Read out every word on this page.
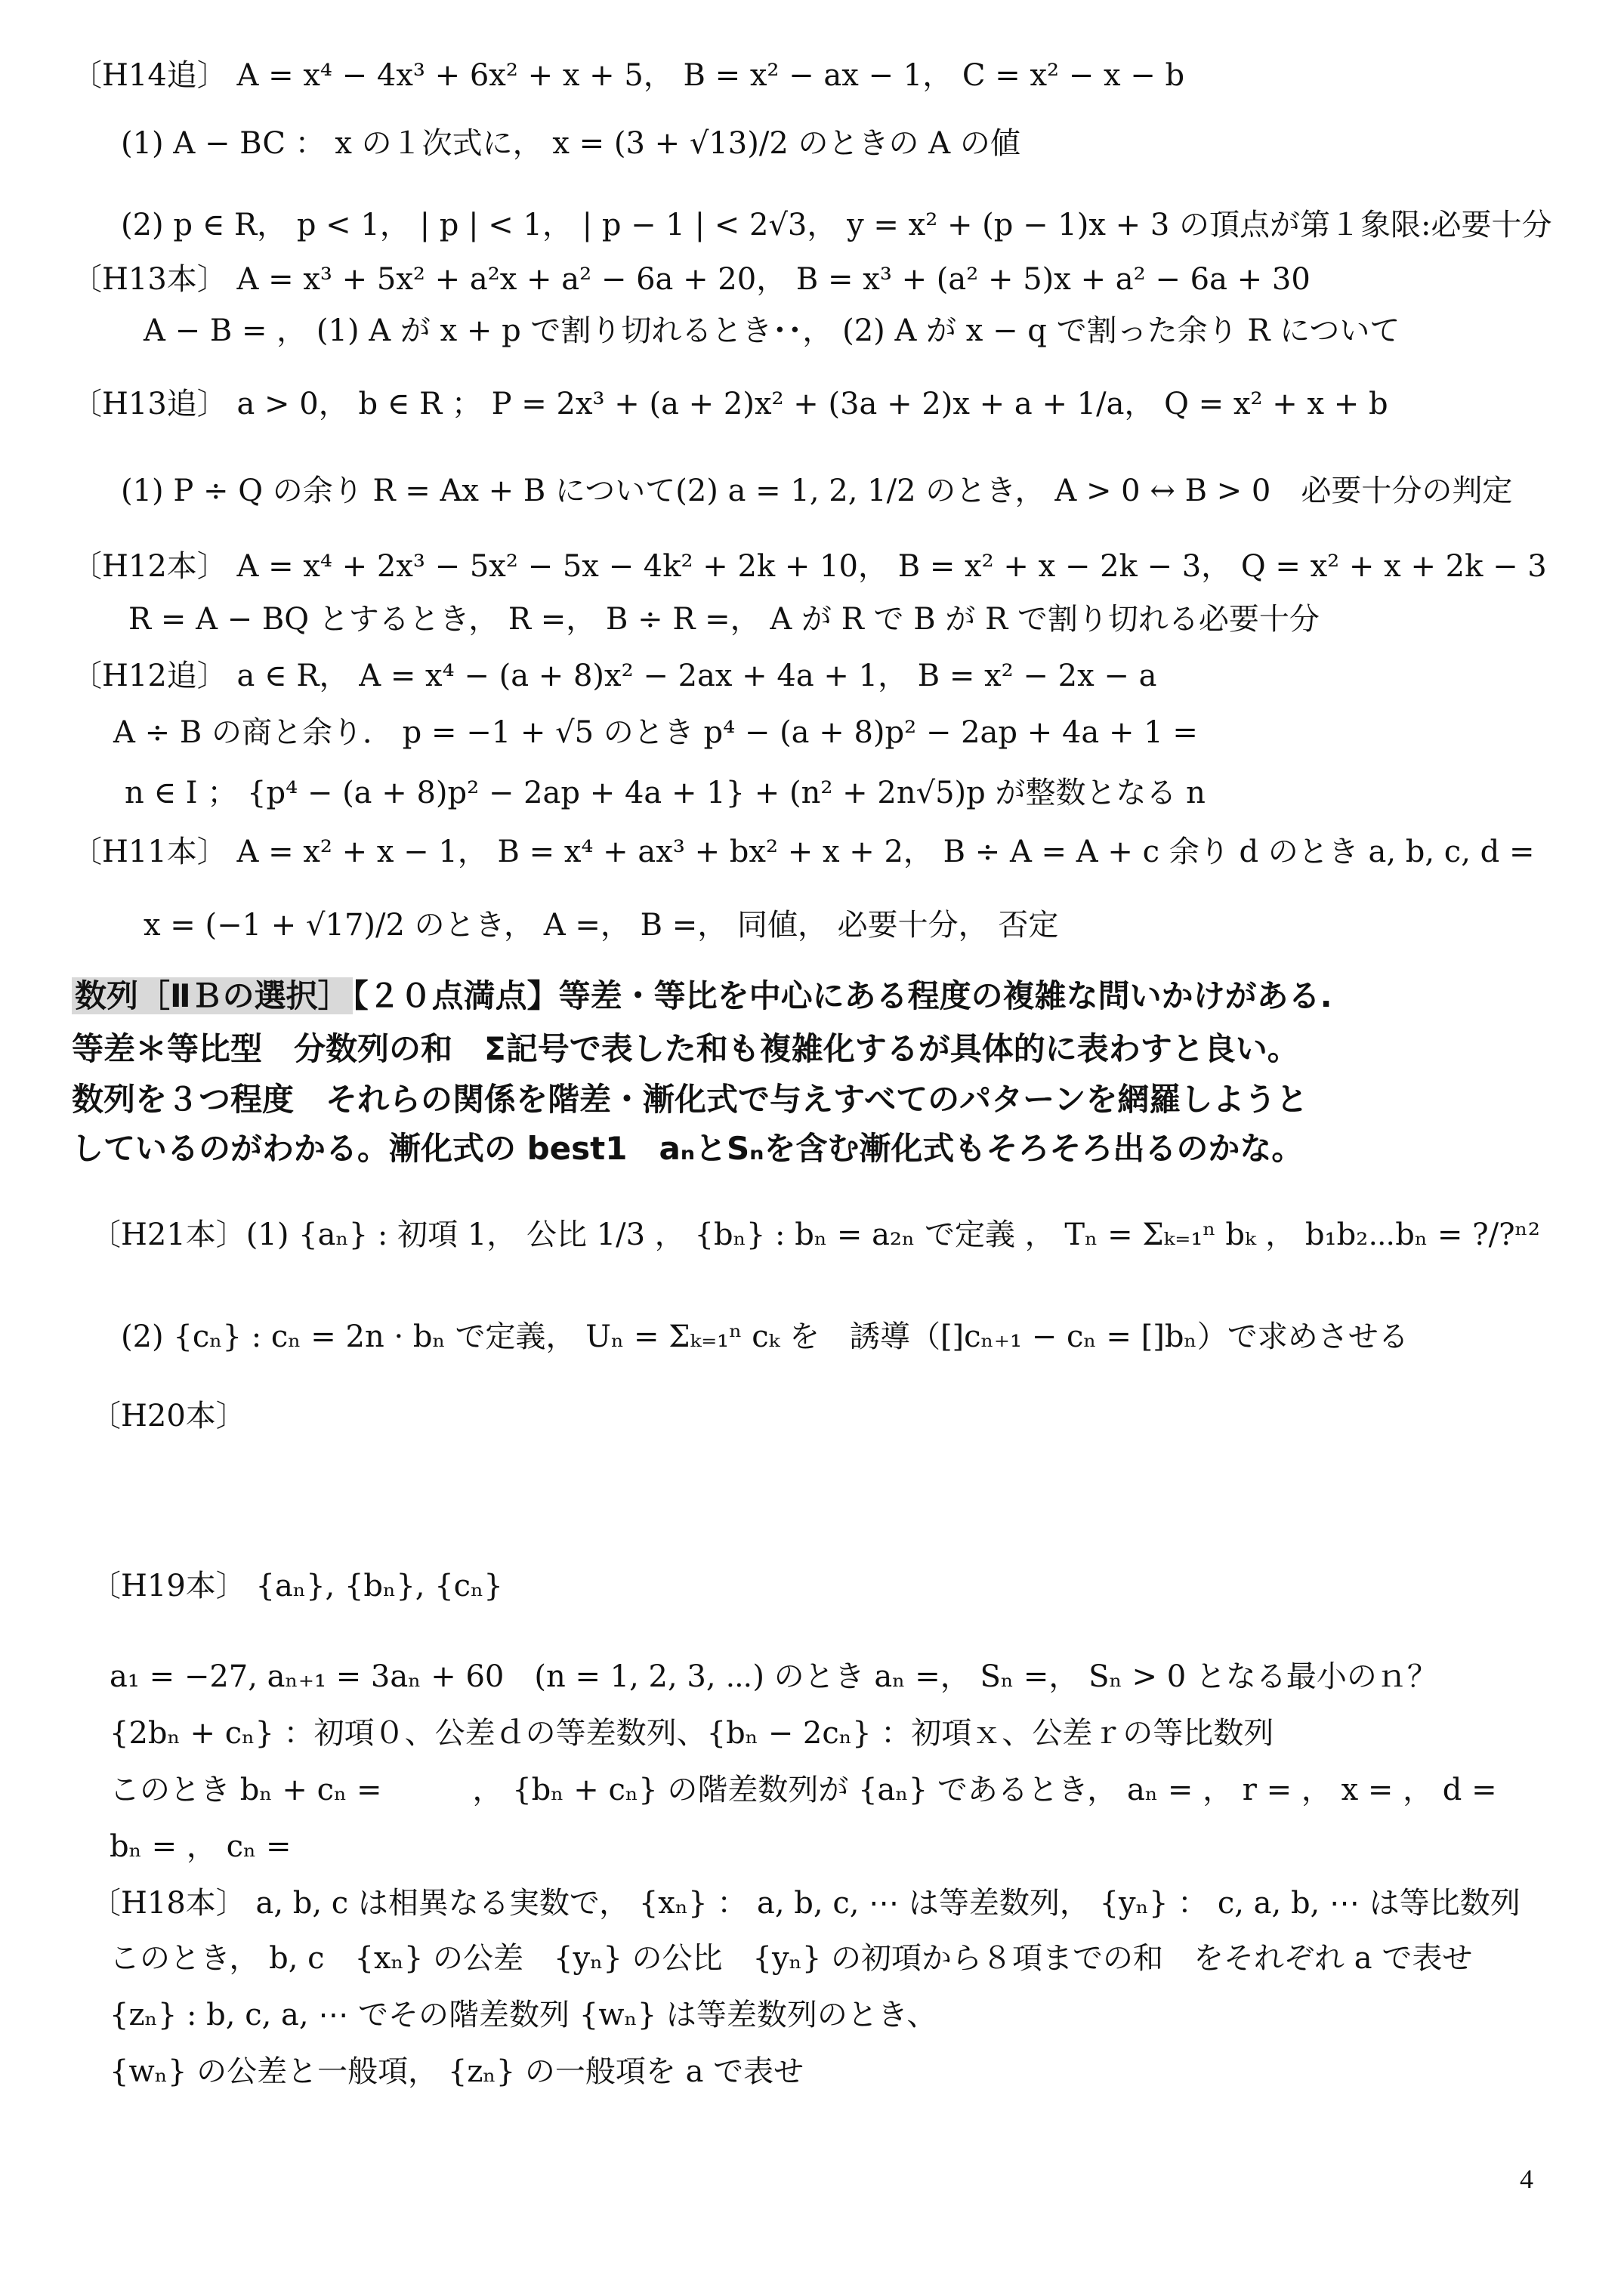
〔H14追〕 A = x⁴ − 4x³ + 6x² + x + 5， B = x² − ax − 1， C = x² − x − b
(1) A − BC ： x の１次式に， x = (3 + √13)/2 のときの A の値
(2) p ∈ R， p < 1， | p | < 1， | p − 1 | < 2√3， y = x² + (p − 1)x + 3 の頂点が第１象限:必要十分
〔H13本〕 A = x³ + 5x² + a²x + a² − 6a + 20， B = x³ + (a² + 5)x + a² − 6a + 30
A − B = ， (1) A が x + p で割り切れるとき･･， (2) A が x − q で割った余り R について
〔H13追〕 a > 0， b ∈ R ； P = 2x³ + (a + 2)x² + (3a + 2)x + a + 1/a， Q = x² + x + b
(1) P ÷ Q の余り R = Ax + B について(2) a = 1, 2, 1/2 のとき， A > 0 ↔ B > 0　必要十分の判定
〔H12本〕 A = x⁴ + 2x³ − 5x² − 5x − 4k² + 2k + 10， B = x² + x − 2k − 3， Q = x² + x + 2k − 3
R = A − BQ とするとき， R =， B ÷ R =， A が R で B が R で割り切れる必要十分
〔H12追〕 a ∈ R， A = x⁴ − (a + 8)x² − 2ax + 4a + 1， B = x² − 2x − a
A ÷ B の商と余り． p = −1 + √5 のとき p⁴ − (a + 8)p² − 2ap + 4a + 1 =
n ∈ I ； {p⁴ − (a + 8)p² − 2ap + 4a + 1} + (n² + 2n√5)p が整数となる n
〔H11本〕 A = x² + x − 1， B = x⁴ + ax³ + bx² + x + 2， B ÷ A = A + c 余り d のとき a, b, c, d =
x = (−1 + √17)/2 のとき， A =， B =， 同値， 必要十分， 否定
数列［ⅡＢの選択］【２０点満点】等差・等比を中心にある程度の複雑な問いかけがある.
等差＊等比型　分数列の和　Σ記号で表した和も複雑化するが具体的に表わすと良い。
数列を３つ程度　それらの関係を階差・漸化式で与えすべてのパターンを網羅しようと
しているのがわかる。漸化式の best1　aₙとSₙを含む漸化式もそろそろ出るのかな。
〔H21本〕(1) {aₙ} : 初項 1， 公比 1/3 ， {bₙ} : bₙ = a₂ₙ で定義 ， Tₙ = Σₖ₌₁ⁿ bₖ ， b₁b₂⋯bₙ = ?/?ⁿ²
(2) {cₙ} : cₙ = 2n · bₙ で定義， Uₙ = Σₖ₌₁ⁿ cₖ を　誘導（[]cₙ₊₁ − cₙ = []bₙ）で求めさせる
〔H20本〕
〔H19本〕 {aₙ}, {bₙ}, {cₙ}
a₁ = −27, aₙ₊₁ = 3aₙ + 60　(n = 1, 2, 3, ⋯) のとき aₙ =， Sₙ =， Sₙ > 0 となる最小のｎ？
{2bₙ + cₙ} ：初項０、公差ｄの等差数列、{bₙ − 2cₙ} ：初項ｘ、公差ｒの等比数列
このとき bₙ + cₙ =　　　， {bₙ + cₙ} の階差数列が {aₙ} であるとき， aₙ = ， r = ， x = ， d =
bₙ = ， cₙ =
〔H18本〕 a, b, c は相異なる実数で， {xₙ} ： a, b, c, ⋯ は等差数列， {yₙ} ： c, a, b, ⋯ は等比数列
このとき， b, c　{xₙ} の公差　{yₙ} の公比　{yₙ} の初項から８項までの和　をそれぞれ a で表せ
{zₙ} : b, c, a, ⋯ でその階差数列 {wₙ} は等差数列のとき、
{wₙ} の公差と一般項， {zₙ} の一般項を a で表せ
4
